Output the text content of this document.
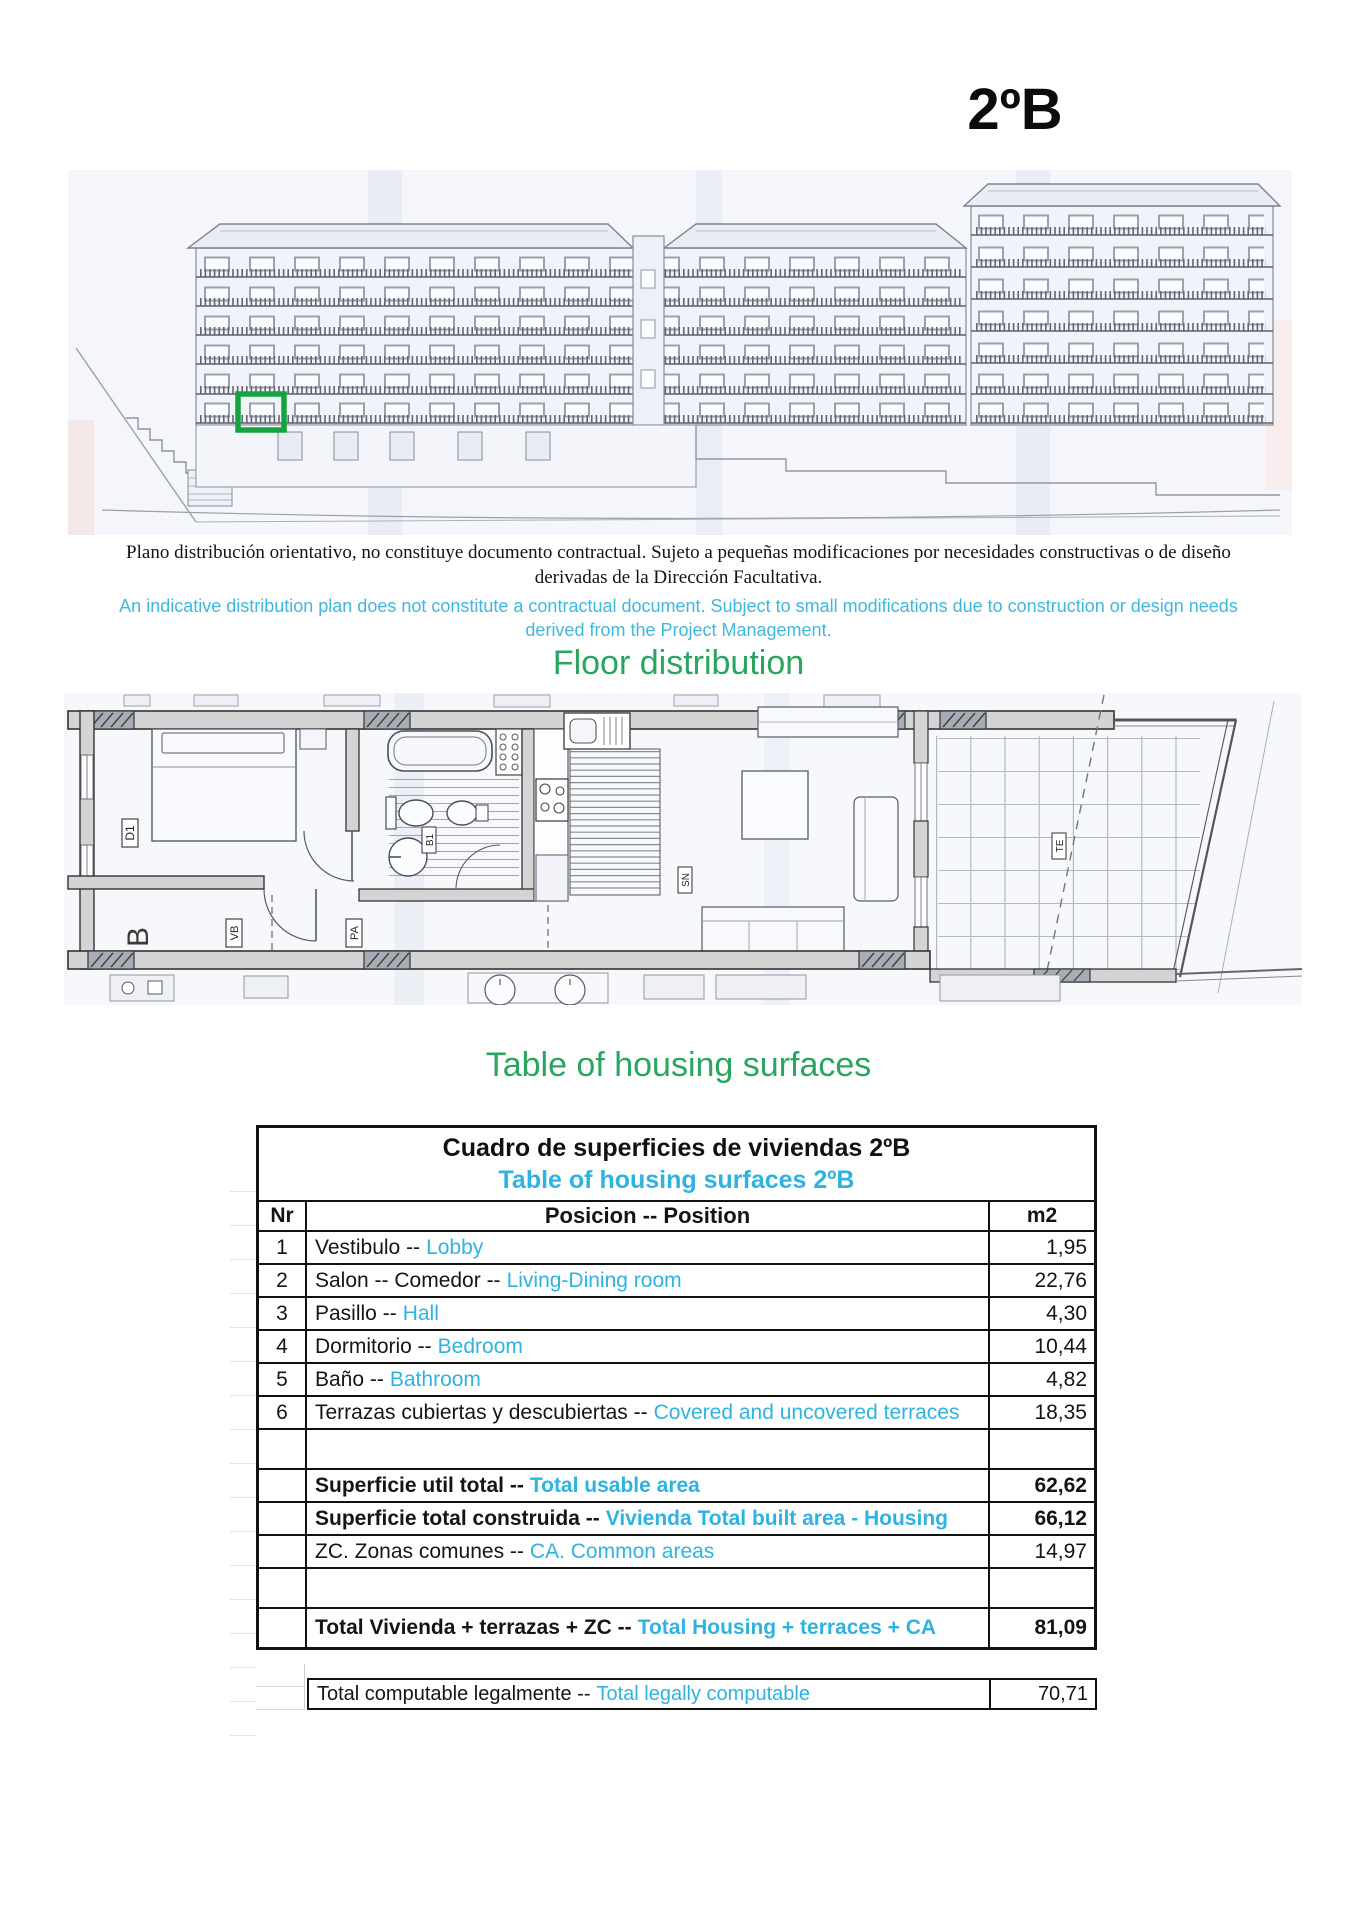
2ºB
Plano distribución orientativo, no constituye documento contractual. Sujeto a pequeñas modificaciones por necesidades constructivas o de diseño
derivadas de la Dirección Facultativa.
An indicative distribution plan does not constitute a contractual document. Subject to small modifications due to construction or design needs
derived from the Project Management.
Floor distribution
D1
B	VB	PA
B1
SN
TE
Table of housing surfaces
Cuadro de superficies de viviendas 2ºB
Table of housing surfaces 2ºB
Nr	Posicion -- Position	m2
1	Vestibulo -- Lobby	1,95
2	Salon -- Comedor -- Living-Dining room	22,76
3	Pasillo -- Hall	4,30
4	Dormitorio -- Bedroom	10,44
5	Baño -- Bathroom	4,82
6	Terrazas cubiertas y descubiertas -- Covered and uncovered terraces	18,35
Superficie util total -- Total usable area	62,62
Superficie total construida -- Vivienda Total built area - Housing	66,12
ZC. Zonas comunes -- CA. Common areas	14,97
Total Vivienda + terrazas + ZC -- Total Housing + terraces + CA	81,09
Total computable legalmente -- Total legally computable	70,71
